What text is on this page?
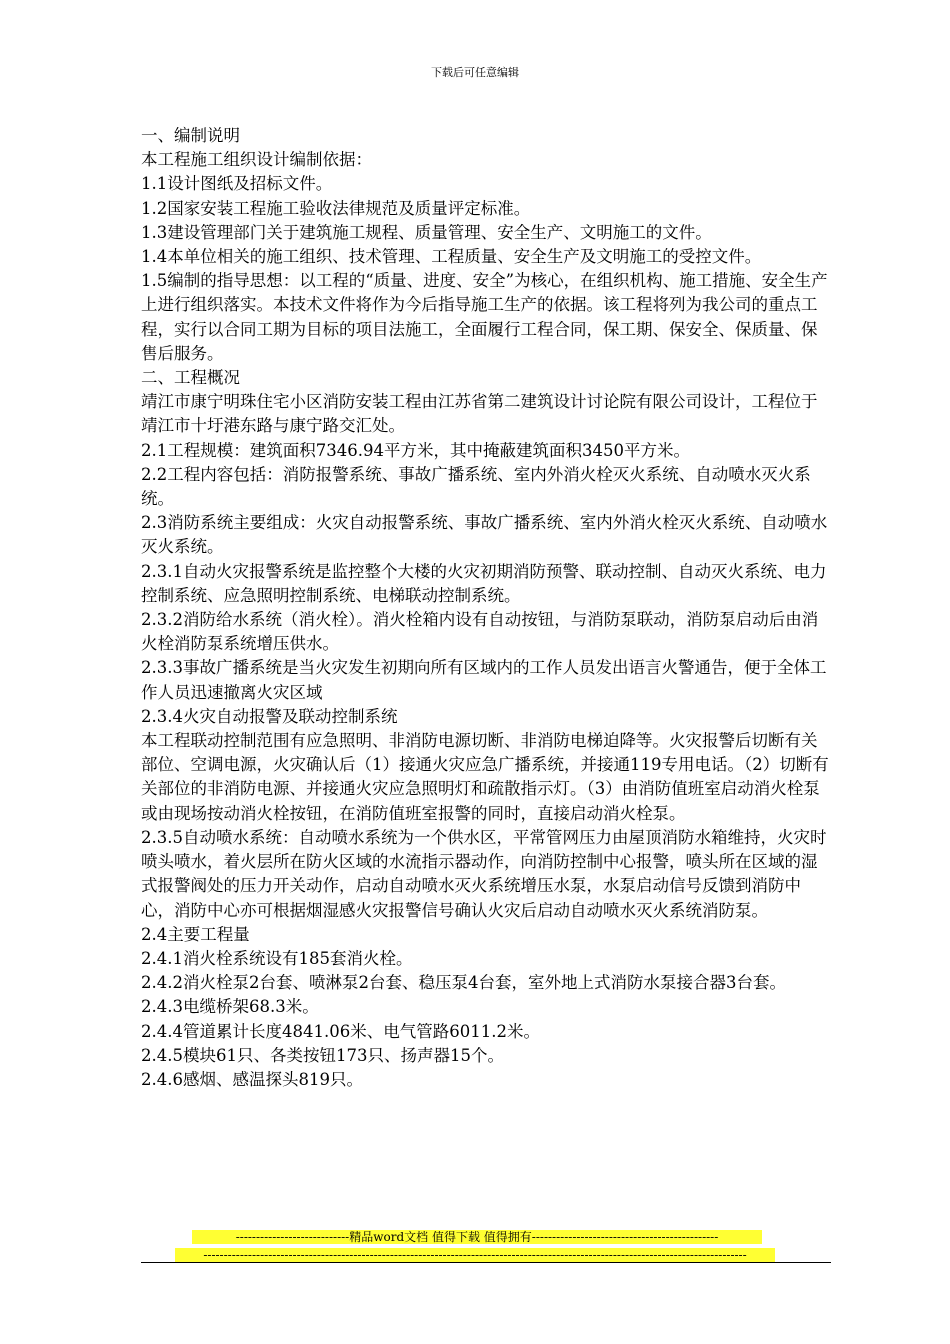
下载后可任意编辑

一、编制说明

本工程施工组织设计编制依据：

1.1设计图纸及招标文件。

1.2国家安装工程施工验收法律规范及质量评定标准。

1.3建设管理部门关于建筑施工规程、质量管理、安全生产、文明施工的文件。

1.4本单位相关的施工组织、技术管理、工程质量、安全生产及文明施工的受控文件。

1.5编制的指导思想：以工程的“质量、进度、安全”为核心，在组织机构、施工措施、安全生产上进行组织落实。本技术文件将作为今后指导施工生产的依据。该工程将列为我公司的重点工程，实行以合同工期为目标的项目法施工，全面履行工程合同，保工期、保安全、保质量、保售后服务。

二、工程概况

靖江市康宁明珠住宅小区消防安装工程由江苏省第二建筑设计讨论院有限公司设计，工程位于靖江市十圩港东路与康宁路交汇处。

2.1工程规模：建筑面积7346.94平方米，其中掩蔽建筑面积3450平方米。

2.2工程内容包括：消防报警系统、事故广播系统、室内外消火栓灭火系统、自动喷水灭火系统。

2.3消防系统主要组成：火灾自动报警系统、事故广播系统、室内外消火栓灭火系统、自动喷水灭火系统。

2.3.1自动火灾报警系统是监控整个大楼的火灾初期消防预警、联动控制、自动灭火系统、电力控制系统、应急照明控制系统、电梯联动控制系统。

2.3.2消防给水系统（消火栓）。消火栓箱内设有自动按钮，与消防泵联动，消防泵启动后由消火栓消防泵系统增压供水。

2.3.3事故广播系统是当火灾发生初期向所有区域内的工作人员发出语言火警通告，便于全体工作人员迅速撤离火灾区域

2.3.4火灾自动报警及联动控制系统

本工程联动控制范围有应急照明、非消防电源切断、非消防电梯迫降等。火灾报警后切断有关部位、空调电源，火灾确认后（1）接通火灾应急广播系统，并接通119专用电话。（2）切断有关部位的非消防电源、并接通火灾应急照明灯和疏散指示灯。（3）由消防值班室启动消火栓泵或由现场按动消火栓按钮，在消防值班室报警的同时，直接启动消火栓泵。

2.3.5自动喷水系统：自动喷水系统为一个供水区，平常管网压力由屋顶消防水箱维持，火灾时喷头喷水，着火层所在防火区域的水流指示器动作，向消防控制中心报警，喷头所在区域的湿式报警阀处的压力开关动作，启动自动喷水灭火系统增压水泵，水泵启动信号反馈到消防中心，消防中心亦可根据烟湿感火灾报警信号确认火灾后启动自动喷水灭火系统消防泵。

2.4主要工程量

2.4.1消火栓系统设有185套消火栓。

2.4.2消火栓泵2台套、喷淋泵2台套、稳压泵4台套，室外地上式消防水泵接合器3台套。

2.4.3电缆桥架68.3米。

2.4.4管道累计长度4841.06米、电气管路6011.2米。

2.4.5模块61只、各类按钮173只、扬声器15个。

2.4.6感烟、感温探头819只。

----------------------------精品word文档 值得下载 值得拥有----------------------------------------------
--------------------------------------------------------------------------------------------------------------------------------------
